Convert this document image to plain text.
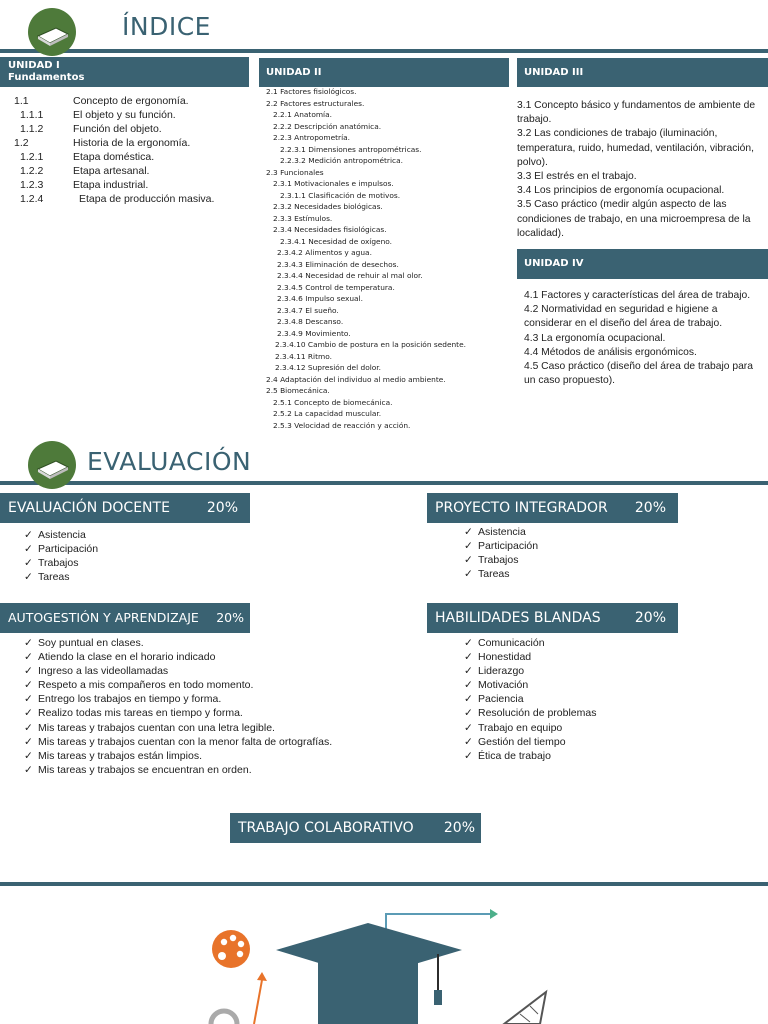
ÍNDICE
UNIDAD I
Fundamentos
1.1	Concepto de ergonomía.
1.1.1	El objeto y su función.
1.1.2	Función del objeto.
1.2	Historia de la ergonomía.
1.2.1	Etapa doméstica.
1.2.2	Etapa artesanal.
1.2.3	Etapa industrial.
1.2.4	Etapa de producción masiva.
UNIDAD II
2.1 Factores fisiológicos.
2.2 Factores estructurales.
2.2.1 Anatomía.
2.2.2 Descripción anatómica.
2.2.3 Antropometría.
2.2.3.1 Dimensiones antropométricas.
2.2.3.2 Medición antropométrica.
2.3 Funcionales
2.3.1 Motivacionales e impulsos.
2.3.1.1 Clasificación de motivos.
2.3.2 Necesidades biológicas.
2.3.3 Estímulos.
2.3.4 Necesidades fisiológicas.
2.3.4.1 Necesidad de oxígeno.
2.3.4.2 Alimentos y agua.
2.3.4.3 Eliminación de desechos.
2.3.4.4 Necesidad de rehuir al mal olor.
2.3.4.5 Control de temperatura.
2.3.4.6 Impulso sexual.
2.3.4.7 El sueño.
2.3.4.8 Descanso.
2.3.4.9 Movimiento.
2.3.4.10 Cambio de postura en la posición sedente.
2.3.4.11 Ritmo.
2.3.4.12 Supresión del dolor.
2.4 Adaptación del individuo al medio ambiente.
2.5 Biomecánica.
2.5.1 Concepto de biomecánica.
2.5.2 La capacidad muscular.
2.5.3 Velocidad de reacción y acción.
UNIDAD III
3.1 Concepto básico y fundamentos de ambiente de trabajo.
3.2 Las condiciones de trabajo (iluminación, temperatura, ruido, humedad, ventilación, vibración, polvo).
3.3 El estrés en el trabajo.
3.4 Los principios de ergonomía ocupacional.
3.5 Caso práctico (medir algún aspecto de las condiciones de trabajo, en una microempresa de la localidad).
UNIDAD IV
4.1 Factores y características del área de trabajo.
4.2 Normatividad en seguridad e higiene a considerar en el diseño del área de trabajo.
4.3 La ergonomía ocupacional.
4.4 Métodos de análisis ergonómicos.
4.5 Caso práctico (diseño del área de trabajo para un caso propuesto).
EVALUACIÓN
EVALUACIÓN DOCENTE	20%
✓ Asistencia
✓ Participación
✓ Trabajos
✓ Tareas
PROYECTO INTEGRADOR 20%
✓ Asistencia
✓ Participación
✓ Trabajos
✓ Tareas
AUTOGESTIÓN Y APRENDIZAJE 20%
✓ Soy puntual en clases.
✓ Atiendo la clase en el horario indicado
✓ Ingreso a las videollamadas
✓ Respeto a mis compañeros en todo momento.
✓ Entrego los trabajos en tiempo y forma.
✓ Realizo todas mis tareas en tiempo y forma.
✓ Mis tareas y trabajos cuentan con una letra legible.
✓ Mis tareas y trabajos cuentan con la menor falta de ortografías.
✓ Mis tareas y trabajos están limpios.
✓ Mis tareas y trabajos se encuentran en orden.
HABILIDADES BLANDAS 20%
✓ Comunicación
✓ Honestidad
✓ Liderazgo
✓ Motivación
✓ Paciencia
✓ Resolución de problemas
✓ Trabajo en equipo
✓ Gestión del tiempo
✓ Ética de trabajo
TRABAJO COLABORATIVO 20%
